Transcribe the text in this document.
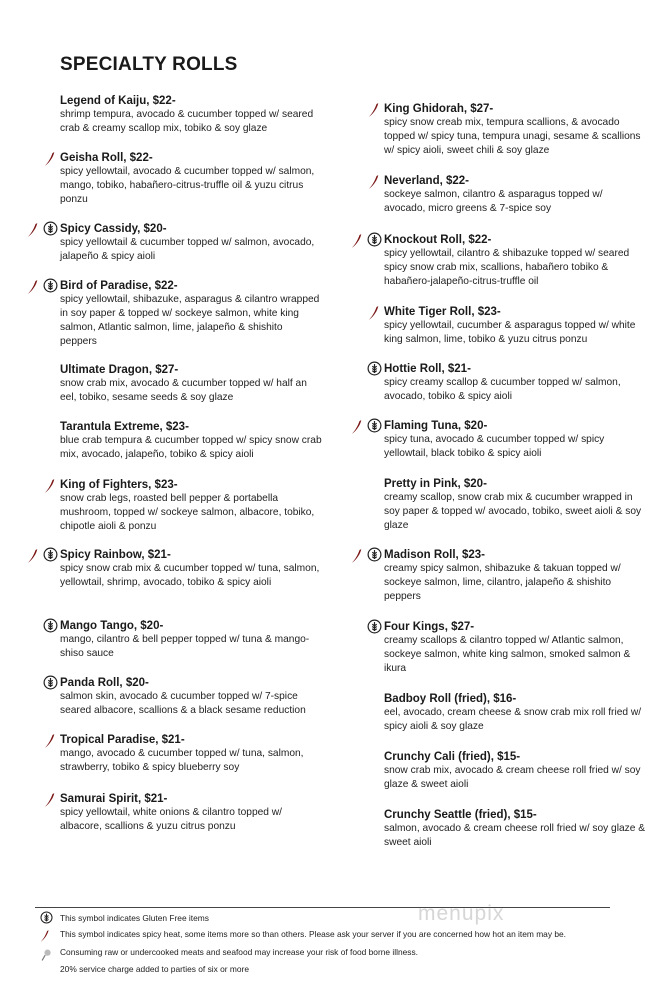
SPECIALTY ROLLS
Legend of Kaiju, $22-
shrimp tempura, avocado & cucumber topped w/ seared crab & creamy scallop mix, tobiko & soy glaze
Geisha Roll, $22-
spicy yellowtail, avocado & cucumber topped w/ salmon, mango, tobiko, habañero-citrus-truffle oil & yuzu citrus ponzu
Spicy Cassidy, $20-
spicy yellowtail & cucumber topped w/ salmon, avocado, jalapeño & spicy aioli
Bird of Paradise, $22-
spicy yellowtail, shibazuke, asparagus & cilantro wrapped in soy paper & topped w/ sockeye salmon, white king salmon, Atlantic salmon, lime, jalapeño & shishito peppers
Ultimate Dragon, $27-
snow crab mix, avocado & cucumber topped w/ half an eel, tobiko, sesame seeds & soy glaze
Tarantula Extreme, $23-
blue crab tempura & cucumber topped w/ spicy snow crab mix, avocado, jalapeño, tobiko & spicy aioli
King of Fighters, $23-
snow crab legs, roasted bell pepper & portabella mushroom, topped w/ sockeye salmon, albacore, tobiko, chipotle aioli & ponzu
Spicy Rainbow, $21-
spicy snow crab mix & cucumber topped w/ tuna, salmon, yellowtail, shrimp, avocado, tobiko & spicy aioli
Mango Tango, $20-
mango, cilantro & bell pepper topped w/ tuna & mango-shiso sauce
Panda Roll, $20-
salmon skin, avocado & cucumber topped w/ 7-spice seared albacore, scallions & a black sesame reduction
Tropical Paradise, $21-
mango, avocado & cucumber topped w/ tuna, salmon, strawberry, tobiko & spicy blueberry soy
Samurai Spirit, $21-
spicy yellowtail, white onions & cilantro topped w/ albacore, scallions & yuzu citrus ponzu
King Ghidorah, $27-
spicy snow creab mix, tempura scallions, & avocado topped w/ spicy tuna, tempura unagi, sesame & scallions w/ spicy aioli, sweet chili & soy glaze
Neverland, $22-
sockeye salmon, cilantro & asparagus topped w/ avocado, micro greens & 7-spice soy
Knockout Roll, $22-
spicy yellowtail, cilantro & shibazuke topped w/ seared spicy snow crab mix, scallions, habañero tobiko & habañero-jalapeño-citrus-truffle oil
White Tiger Roll, $23-
spicy yellowtail, cucumber & asparagus topped w/ white king salmon, lime, tobiko & yuzu citrus ponzu
Hottie Roll, $21-
spicy creamy scallop & cucumber topped w/ salmon, avocado, tobiko & spicy aioli
Flaming Tuna, $20-
spicy tuna, avocado & cucumber topped w/ spicy yellowtail, black tobiko & spicy aioli
Pretty in Pink, $20-
creamy scallop, snow crab mix & cucumber wrapped in soy paper & topped w/ avocado, tobiko, sweet aioli & soy glaze
Madison Roll, $23-
creamy spicy salmon, shibazuke & takuan topped w/ sockeye salmon, lime, cilantro, jalapeño & shishito peppers
Four Kings, $27-
creamy scallops & cilantro topped w/ Atlantic salmon, sockeye salmon, white king salmon, smoked salmon & ikura
Badboy Roll (fried), $16-
eel, avocado, cream cheese & snow crab mix roll fried w/ spicy aioli & soy glaze
Crunchy Cali (fried), $15-
snow crab mix, avocado & cream cheese roll fried w/ soy glaze & sweet aioli
Crunchy Seattle (fried), $15-
salmon, avocado & cream cheese roll fried w/ soy glaze & sweet aioli
menupix
This symbol indicates Gluten Free items
This symbol indicates spicy heat, some items more so than others. Please ask your server if you are concerned how hot an item may be.
Consuming raw or undercooked meats and seafood may increase your risk of food borne illness.
20% service charge added to parties of six or more
